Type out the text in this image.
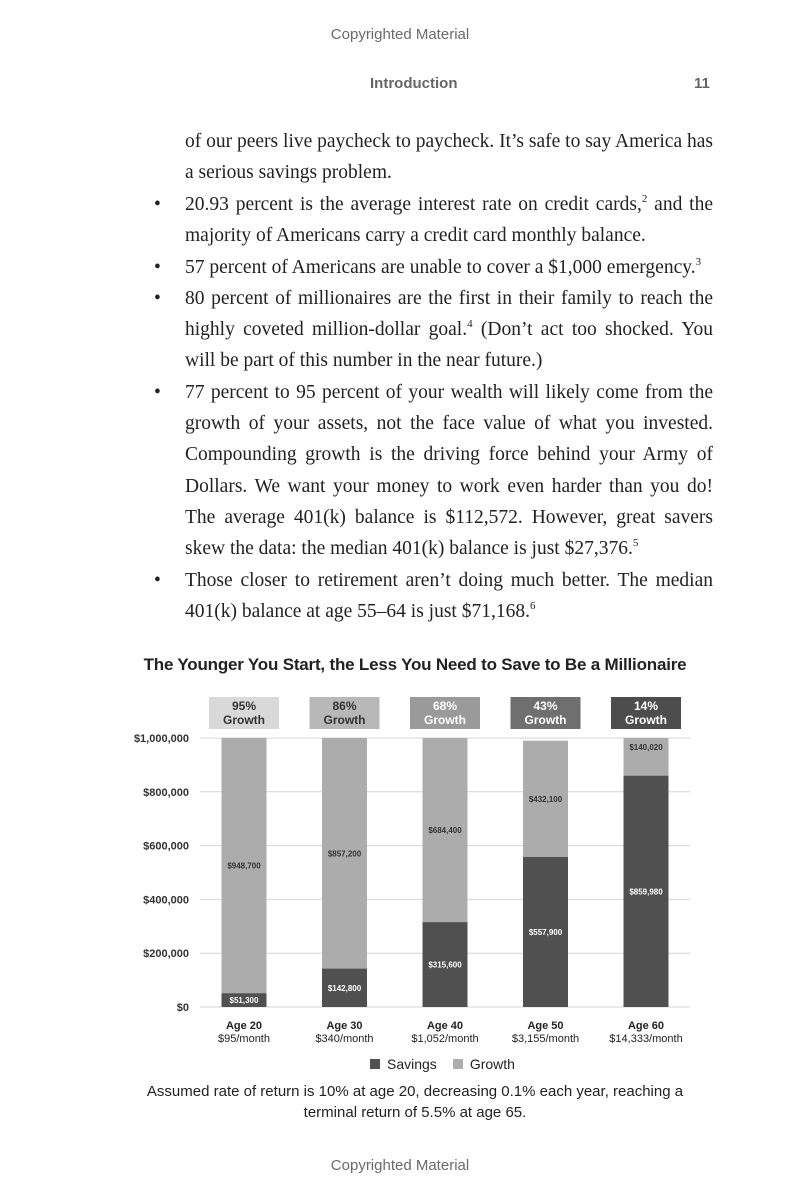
Copyrighted Material
Introduction	11
of our peers live paycheck to paycheck. It’s safe to say America has a serious savings problem.
• 20.93 percent is the average interest rate on credit cards,$^2$ and the majority of Americans carry a credit card monthly balance.
• 57 percent of Americans are unable to cover a $1,000 emergency.$^3$
• 80 percent of millionaires are the first in their family to reach the highly coveted million-dollar goal.$^4$ (Don’t act too shocked. You will be part of this number in the near future.)
• 77 percent to 95 percent of your wealth will likely come from the growth of your assets, not the face value of what you invested. Compounding growth is the driving force behind your Army of Dollars. We want your money to work even harder than you do! The average 401(k) balance is $112,572. However, great savers skew the data: the median 401(k) balance is just $27,376.$^5$
• Those closer to retirement aren’t doing much better. The median 401(k) balance at age 55–64 is just $71,168.$^6$
The Younger You Start, the Less You Need to Save to Be a Millionaire
$0
$200,000
$400,000
$600,000
$800,000
$1,000,000
$948,700
$51,300
95%
Growth
Age 20
$95/month
$857,200
$142,800
86%
Growth
Age 30
$340/month
$684,400
$315,600
68%
Growth
Age 40
$1,052/month
$432,100
$557,900
43%
Growth
Age 50
$3,155/month
$140,020
$859,980
14%
Growth
Age 60
$14,333/month
Savings Growth
Assumed rate of return is 10% at age 20, decreasing 0.1% each year, reaching a terminal return of 5.5% at age 65.
Copyrighted Material
